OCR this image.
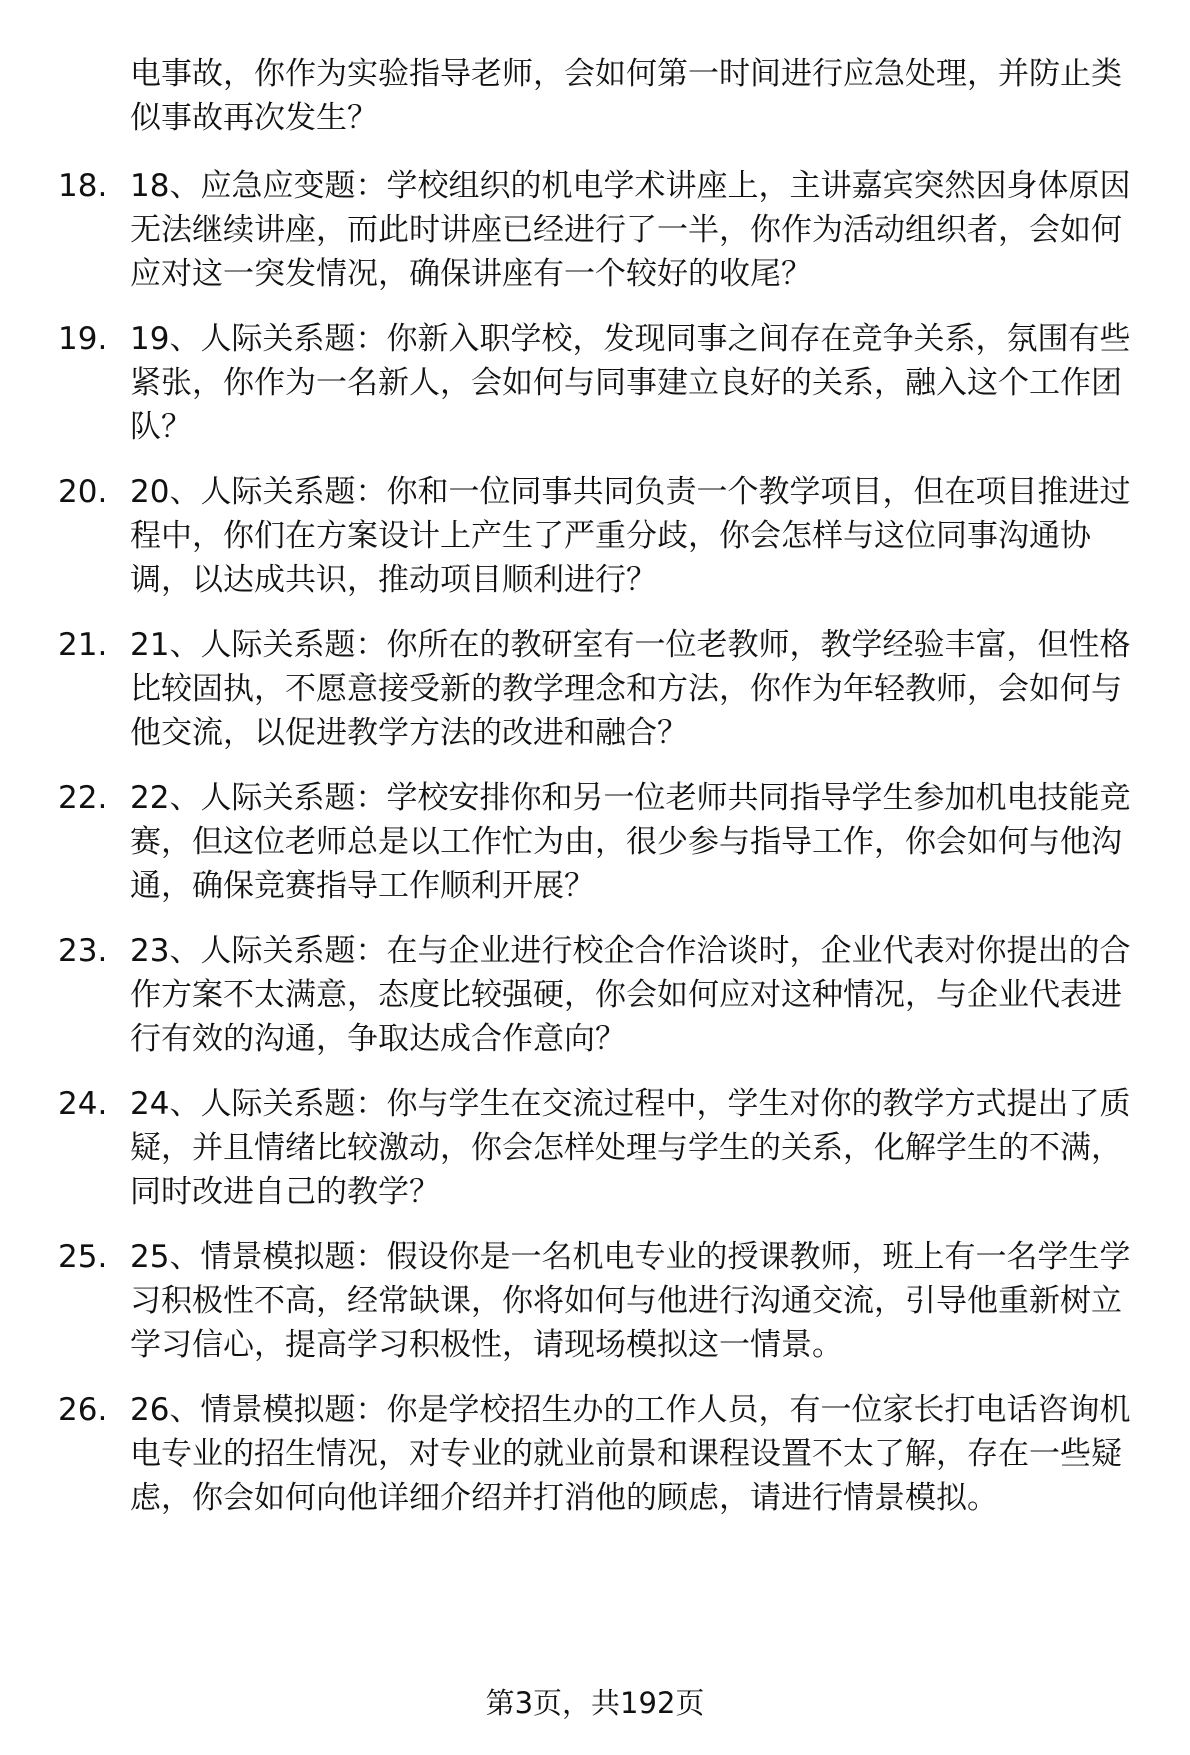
电事故，你作为实验指导老师，会如何第一时间进行应急处理，并防止类似事故再次发生？

18. 18、应急应变题：学校组织的机电学术讲座上，主讲嘉宾突然因身体原因无法继续讲座，而此时讲座已经进行了一半，你作为活动组织者，会如何应对这一突发情况，确保讲座有一个较好的收尾？
19. 19、人际关系题：你新入职学校，发现同事之间存在竞争关系，氛围有些紧张，你作为一名新人，会如何与同事建立良好的关系，融入这个工作团队？
20. 20、人际关系题：你和一位同事共同负责一个教学项目，但在项目推进过程中，你们在方案设计上产生了严重分歧，你会怎样与这位同事沟通协调，以达成共识，推动项目顺利进行？
21. 21、人际关系题：你所在的教研室有一位老教师，教学经验丰富，但性格比较固执，不愿意接受新的教学理念和方法，你作为年轻教师，会如何与他交流，以促进教学方法的改进和融合？
22. 22、人际关系题：学校安排你和另一位老师共同指导学生参加机电技能竞赛，但这位老师总是以工作忙为由，很少参与指导工作，你会如何与他沟通，确保竞赛指导工作顺利开展？
23. 23、人际关系题：在与企业进行校企合作洽谈时，企业代表对你提出的合作方案不太满意，态度比较强硬，你会如何应对这种情况，与企业代表进行有效的沟通，争取达成合作意向？
24. 24、人际关系题：你与学生在交流过程中，学生对你的教学方式提出了质疑，并且情绪比较激动，你会怎样处理与学生的关系，化解学生的不满，同时改进自己的教学？
25. 25、情景模拟题：假设你是一名机电专业的授课教师，班上有一名学生学习积极性不高，经常缺课，你将如何与他进行沟通交流，引导他重新树立学习信心，提高学习积极性，请现场模拟这一情景。
26. 26、情景模拟题：你是学校招生办的工作人员，有一位家长打电话咨询机电专业的招生情况，对专业的就业前景和课程设置不太了解，存在一些疑虑，你会如何向他详细介绍并打消他的顾虑，请进行情景模拟。
第3页，共192页
